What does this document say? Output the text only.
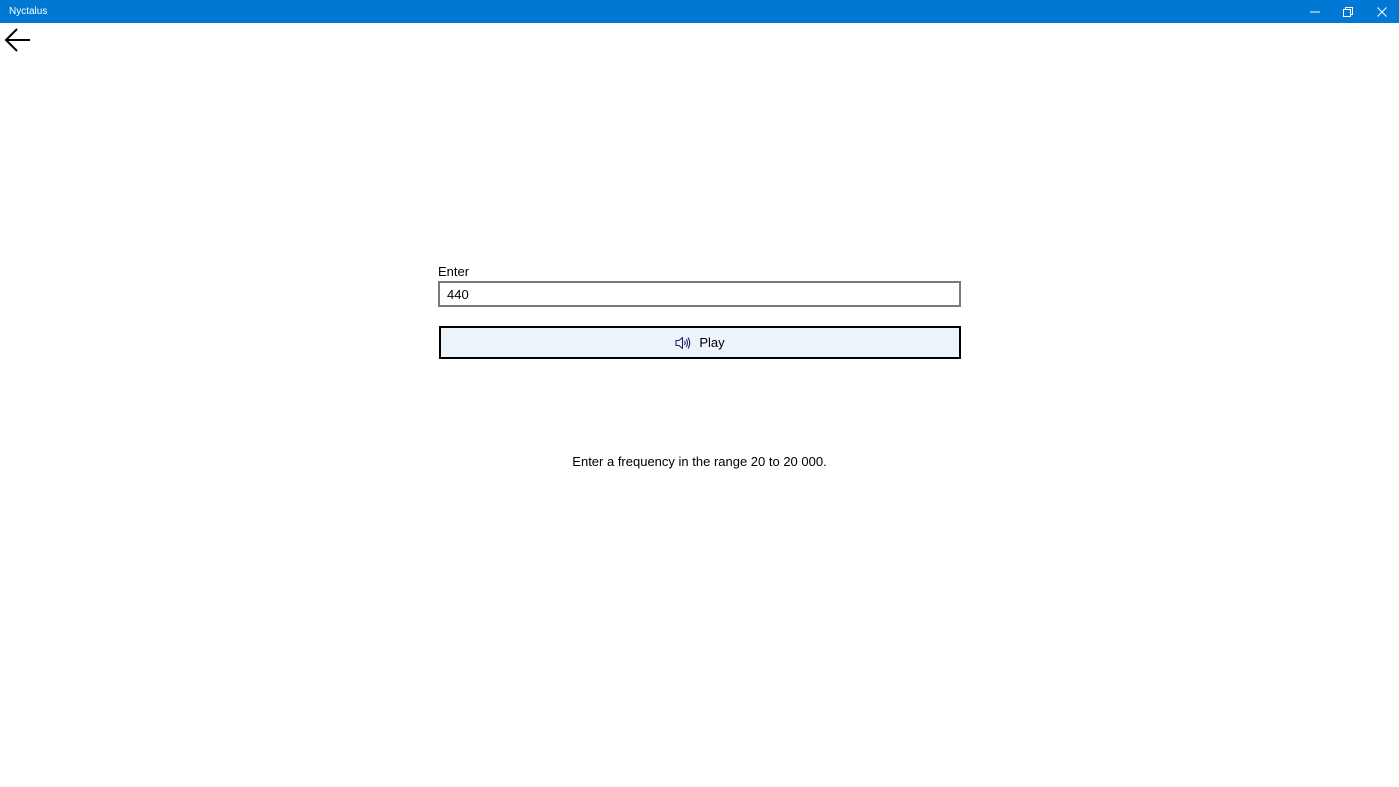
Nyctalus
Enter
440
Play
Enter a frequency in the range 20 to 20 000.
